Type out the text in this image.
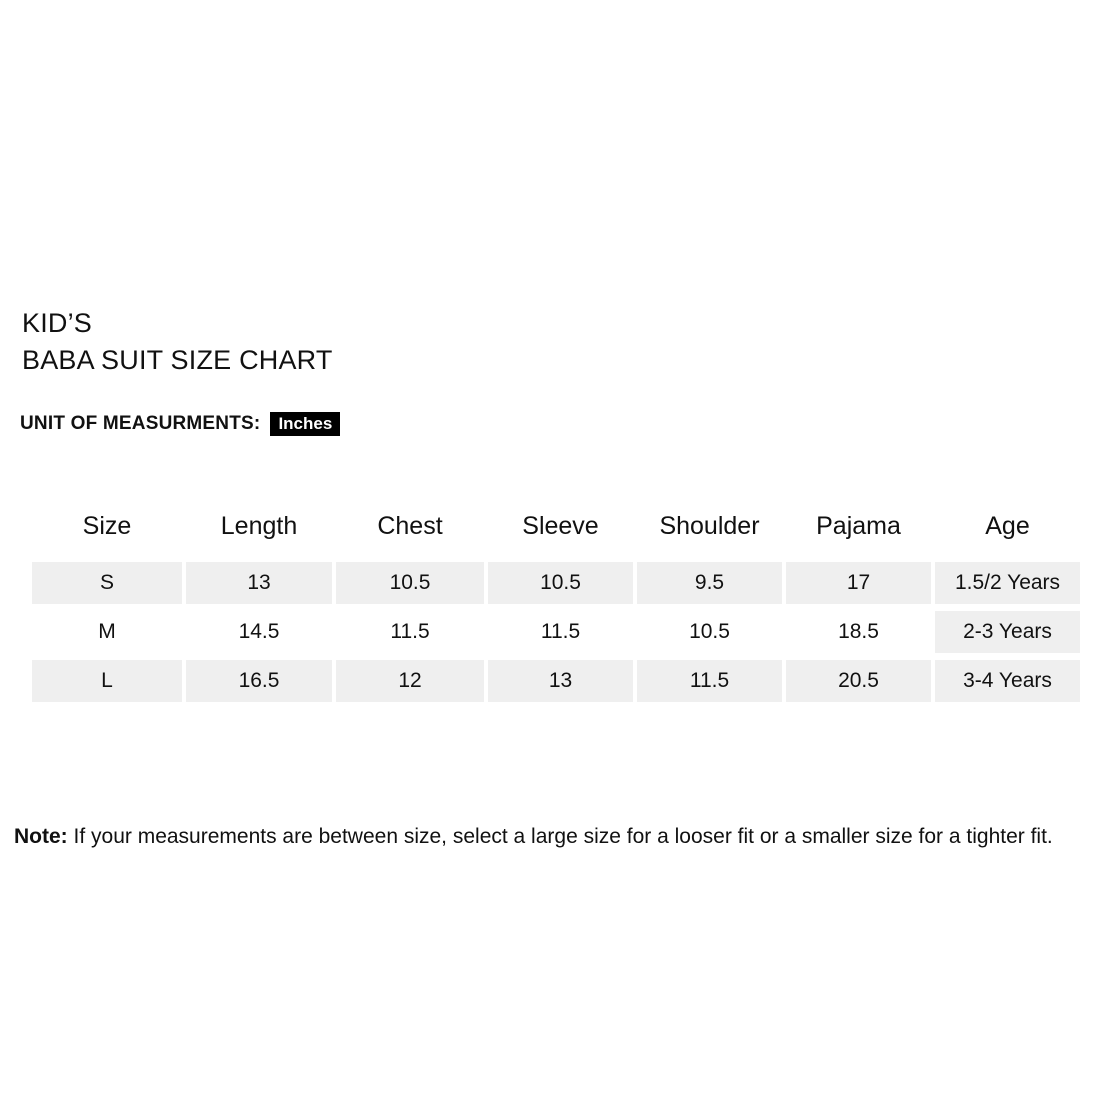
KID’S
BABA SUIT SIZE CHART
UNIT OF MEASURMENTS:	Inches
Size	Length	Chest	Sleeve	Shoulder	Pajama	Age
S	13	10.5	10.5	9.5	17	1.5/2 Years
M	14.5	11.5	11.5	10.5	18.5	2-3 Years
L	16.5	12	13	11.5	20.5	3-4 Years
Note: If your measurements are between size, select a large size for a looser fit or a smaller size for a tighter fit.
